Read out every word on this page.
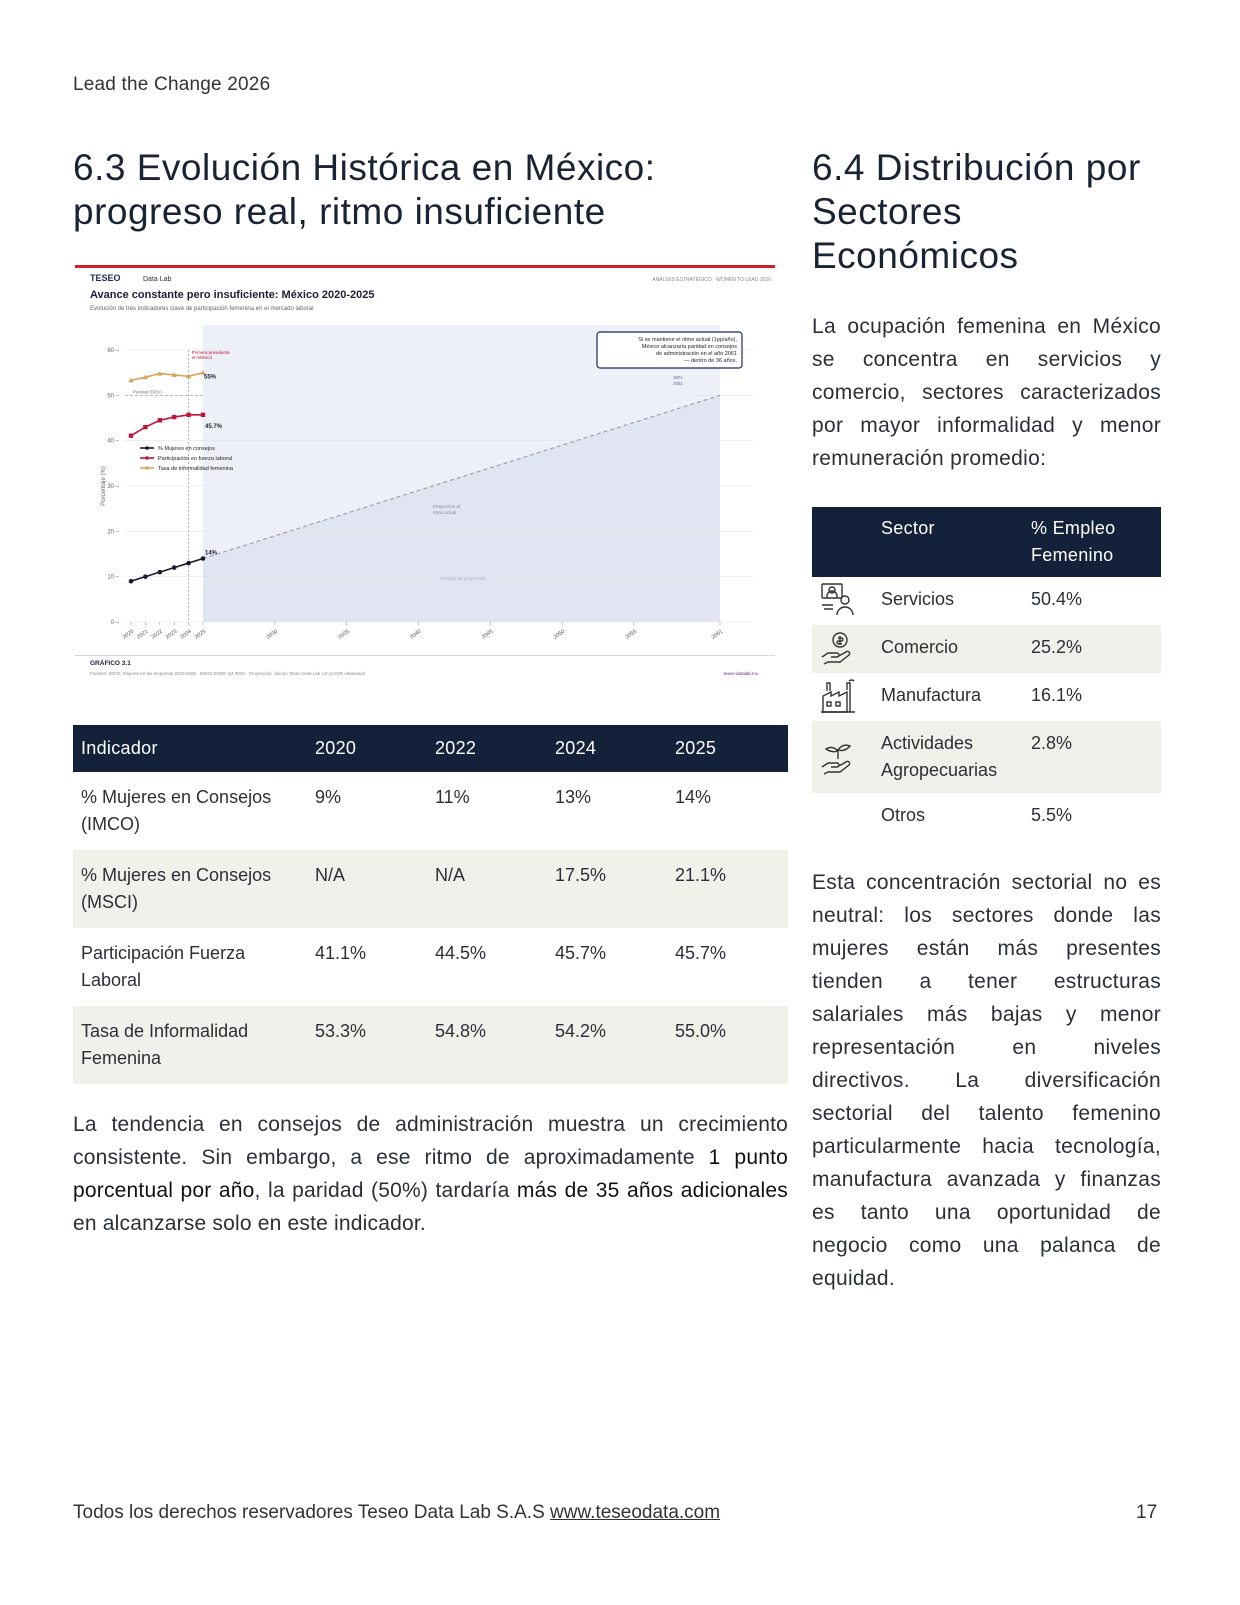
Lead the Change 2026
6.3 Evolución Histórica en México: progreso real, ritmo insuficiente
6.4 Distribución por Sectores Económicos
TESEO	Data Lab	ANÁLISIS ESTRATÉGICO · WOMEN TO LEAD 2026
Avance constante pero insuficiente: México 2020-2025
Evolución de tres indicadores clave de participación femenina en el mercado laboral
0 –
10 –
20 –
30 –
40 –
50 –
60 –
Porcentaje (%)
2020 2021 2022 2023 2024 2025	2030	2035	2040	2045	2050	2055	2061
Primera presidenta
en México
Paridad (50%)
Proyección al
ritmo actual
Período de proyección
50%
2061
55%
45.7%
14%
% Mujeres en consejos
Participación en fuerza laboral
Tasa de informalidad femenina
Si se mantiene el ritmo actual (1pp/año),
México alcanzaría paridad en consejos
de administración en el año 2061
— dentro de 36 años.
GRÁFICO 3.1
Fuentes: IMCO, Mujeres en las empresas 2020-2025 · INEGI ENOE Q4 2025 · Proyección: cálculo Teseo Data Lab con CAGR observado	teseo-datalab.mx
Indicador	2020	2022	2024	2025
% Mujeres en Consejos (IMCO)	9%	11%	13%	14%
% Mujeres en Consejos (MSCI)	N/A	N/A	17.5%	21.1%
Participación Fuerza Laboral	41.1%	44.5%	45.7%	45.7%
Tasa de Informalidad Femenina	53.3%	54.8%	54.2%	55.0%

La tendencia en consejos de administración muestra un crecimiento consistente. Sin embargo, a ese ritmo de aproximadamente 1 punto porcentual por año, la paridad (50%) tardaría más de 35 años adicionales en alcanzarse solo en este indicador.

La ocupación femenina en México se concentra en servicios y comercio, sectores caracterizados por mayor informalidad y menor remuneración promedio:

	Sector	% Empleo Femenino

	Servicios	50.4%

	Comercio	25.2%

	Manufactura	16.1%

	Actividades Agropecuarias	2.8%
	Otros	5.5%

Esta concentración sectorial no es neutral: los sectores donde las mujeres están más presentes tienden a tener estructuras salariales más bajas y menor representación en niveles directivos. La diversificación sectorial del talento femenino particularmente hacia tecnología, manufactura avanzada y finanzas es tanto una oportunidad de negocio como una palanca de equidad.

Todos los derechos reservadores Teseo Data Lab S.A.S www.teseodata.com	17
